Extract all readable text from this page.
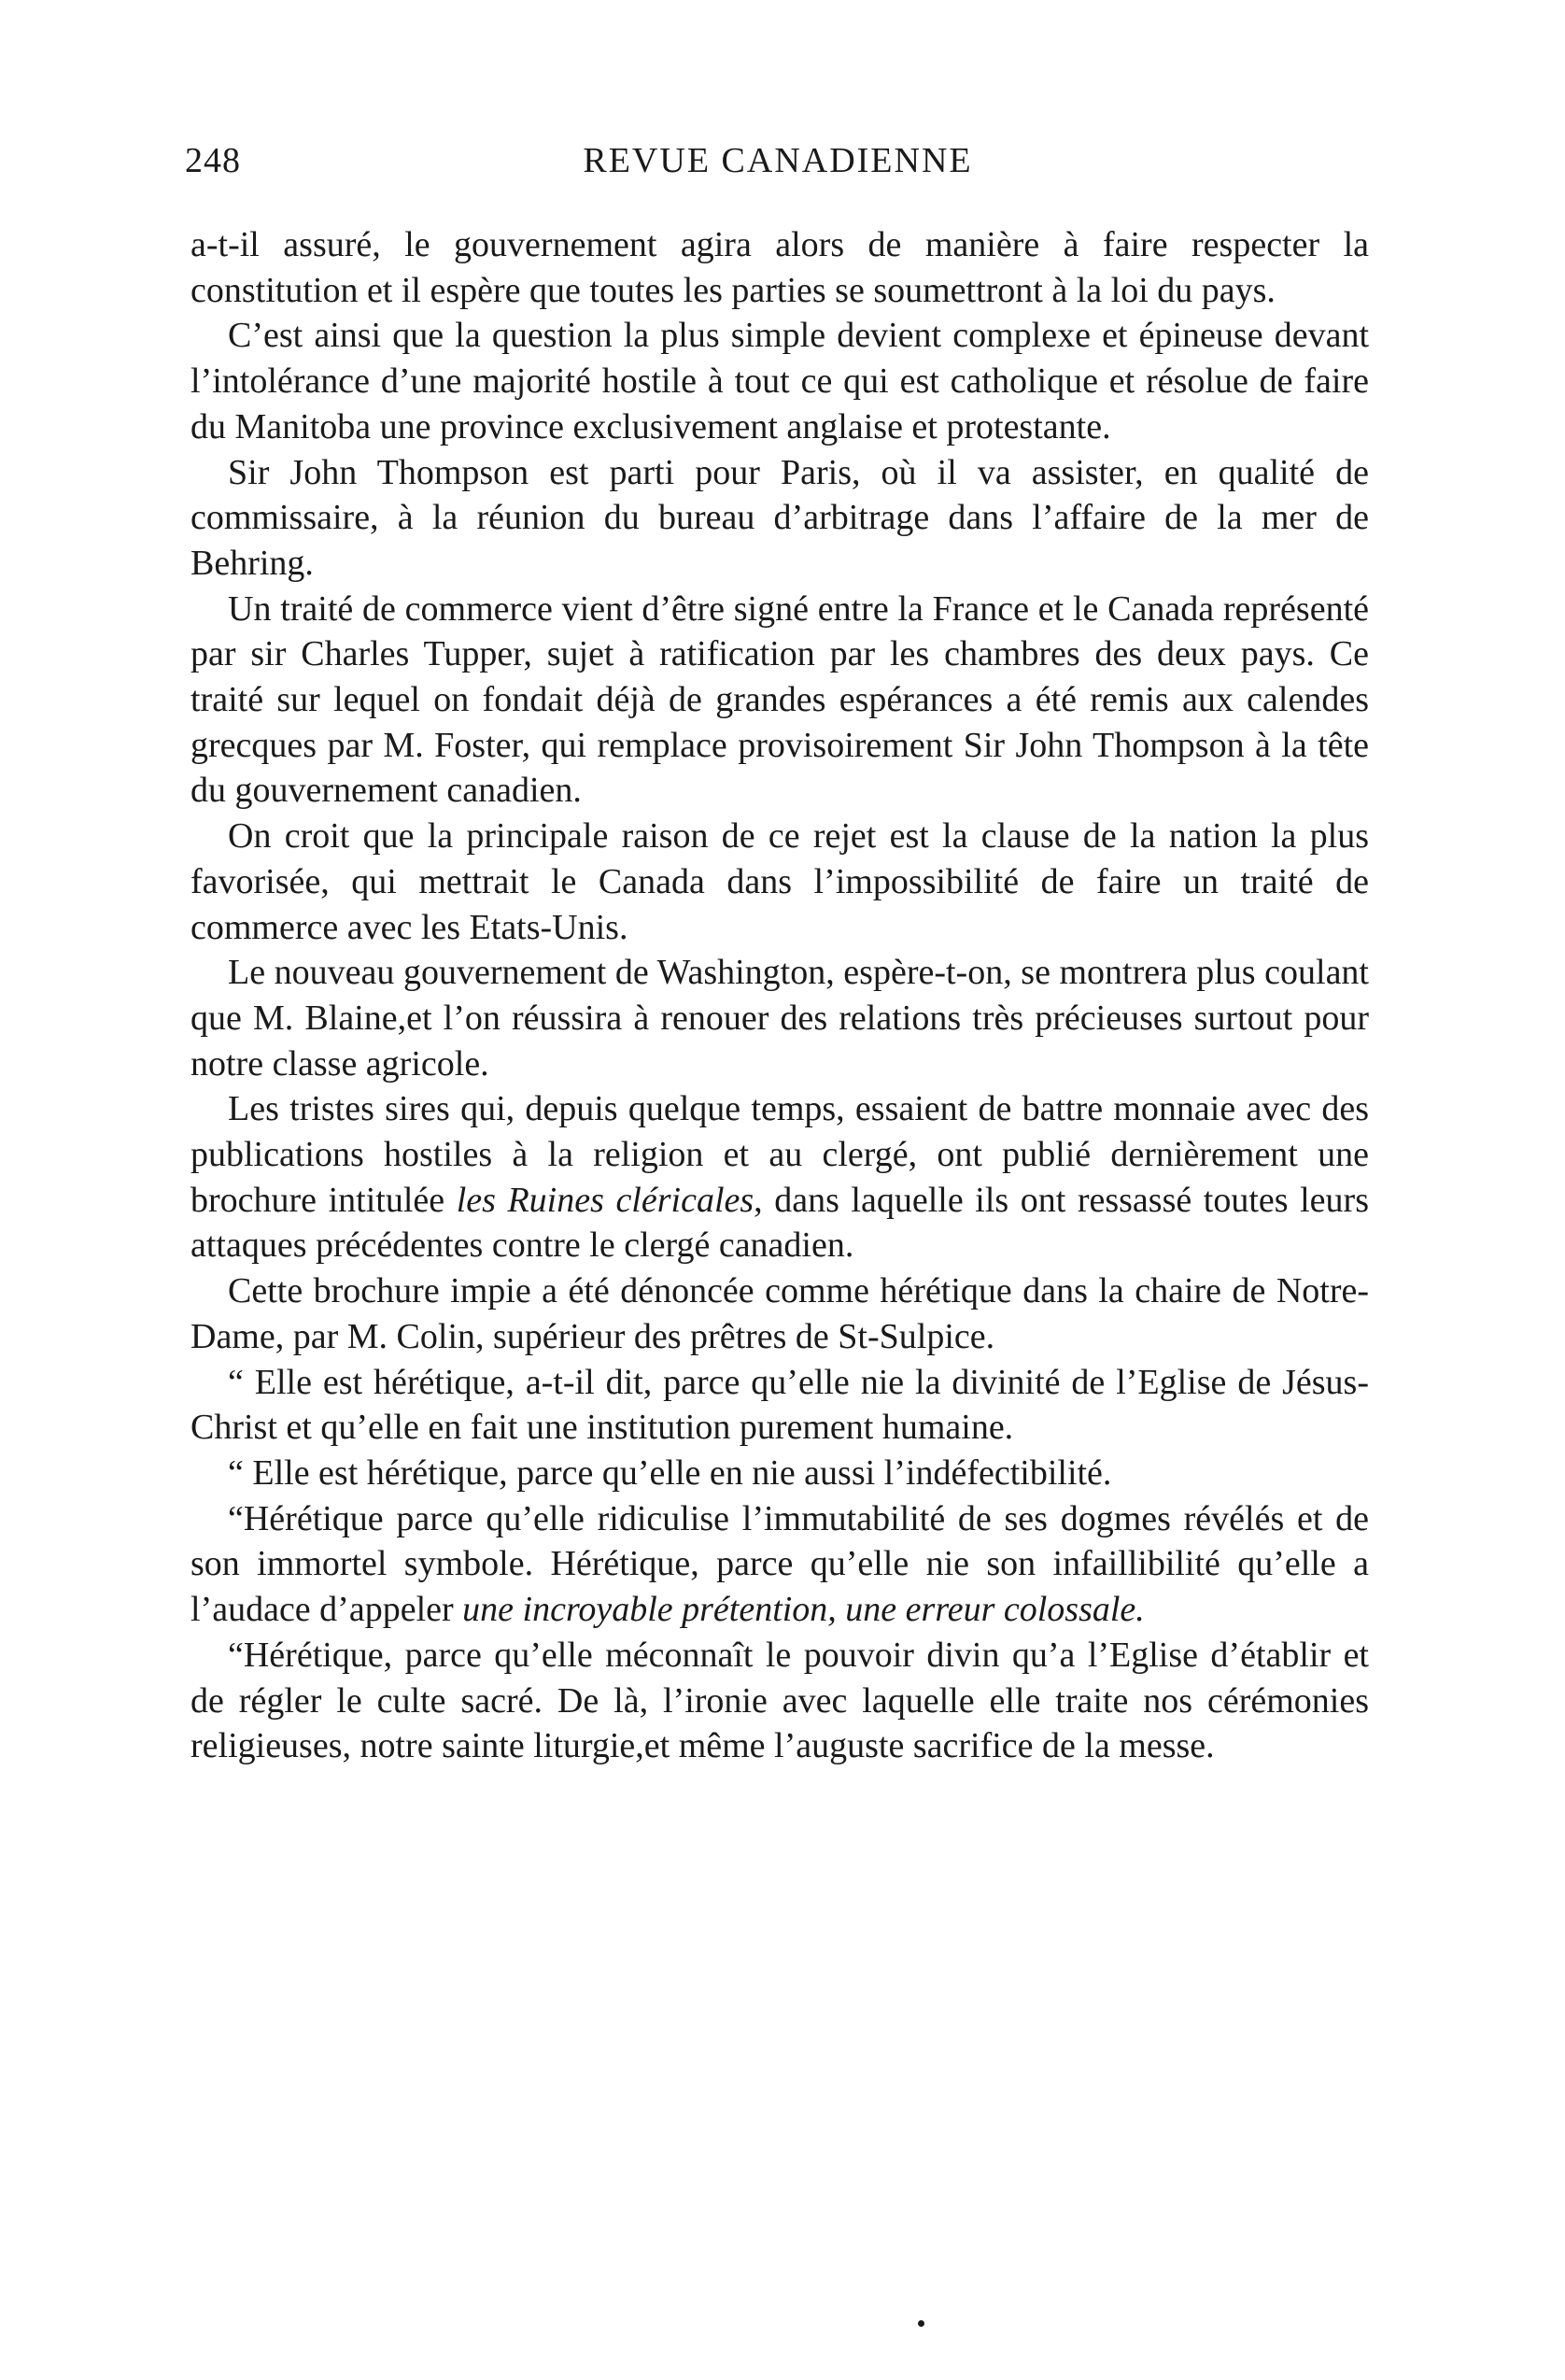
248	REVUE CANADIENNE

a-t-il assuré, le gouvernement agira alors de manière à faire respecter la constitution et il espère que toutes les parties se soumettront à la loi du pays.

C’est ainsi que la question la plus simple devient complexe et épineuse devant l’intolérance d’une majorité hostile à tout ce qui est catholique et résolue de faire du Manitoba une province exclusivement anglaise et protestante.

Sir John Thompson est parti pour Paris, où il va assister, en qualité de commissaire, à la réunion du bureau d’arbitrage dans l’affaire de la mer de Behring.

Un traité de commerce vient d’être signé entre la France et le Canada représenté par sir Charles Tupper, sujet à ratification par les chambres des deux pays. Ce traité sur lequel on fondait déjà de grandes espérances a été remis aux calendes grecques par M. Foster, qui remplace provisoirement Sir John Thompson à la tête du gouvernement canadien.

On croit que la principale raison de ce rejet est la clause de la nation la plus favorisée, qui mettrait le Canada dans l’impossibilité de faire un traité de commerce avec les Etats-Unis.

Le nouveau gouvernement de Washington, espère-t-on, se montrera plus coulant que M. Blaine,et l’on réussira à renouer des relations très précieuses surtout pour notre classe agricole.

Les tristes sires qui, depuis quelque temps, essaient de battre monnaie avec des publications hostiles à la religion et au clergé, ont publié dernièrement une brochure intitulée les Ruines cléricales, dans laquelle ils ont ressassé toutes leurs attaques précédentes contre le clergé canadien.

Cette brochure impie a été dénoncée comme hérétique dans la chaire de Notre-Dame, par M. Colin, supérieur des prêtres de St-Sulpice.

“ Elle est hérétique, a-t-il dit, parce qu’elle nie la divinité de l’Eglise de Jésus-Christ et qu’elle en fait une institution purement humaine.

“ Elle est hérétique, parce qu’elle en nie aussi l’indéfectibilité.

“Hérétique parce qu’elle ridiculise l’immutabilité de ses dogmes révélés et de son immortel symbole. Hérétique, parce qu’elle nie son infaillibilité qu’elle a l’audace d’appeler une incroyable prétention, une erreur colossale.

“Hérétique, parce qu’elle méconnaît le pouvoir divin qu’a l’Eglise d’établir et de régler le culte sacré. De là, l’ironie avec laquelle elle traite nos cérémonies religieuses, notre sainte liturgie,et même l’auguste sacrifice de la messe.
